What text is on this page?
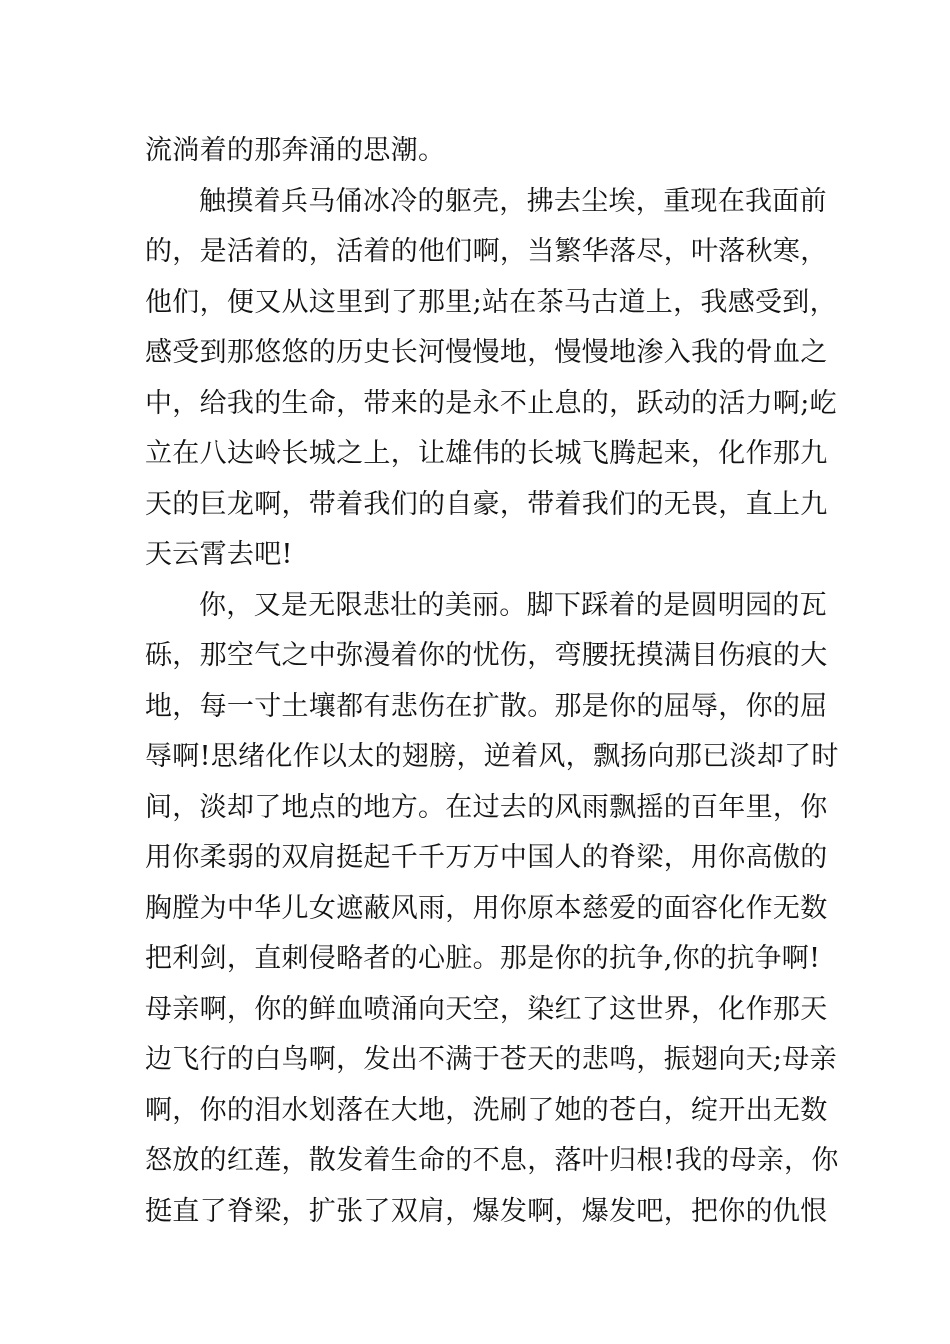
流淌着的那奔涌的思潮。
触摸着兵马俑冰冷的躯壳，拂去尘埃，重现在我面前
的，是活着的，活着的他们啊，当繁华落尽，叶落秋寒，
他们，便又从这里到了那里;站在茶马古道上，我感受到，
感受到那悠悠的历史长河慢慢地，慢慢地渗入我的骨血之
中，给我的生命，带来的是永不止息的，跃动的活力啊;屹
立在八达岭长城之上，让雄伟的长城飞腾起来，化作那九
天的巨龙啊，带着我们的自豪，带着我们的无畏，直上九
天云霄去吧!
你，又是无限悲壮的美丽。脚下踩着的是圆明园的瓦
砾，那空气之中弥漫着你的忧伤，弯腰抚摸满目伤痕的大
地，每一寸土壤都有悲伤在扩散。那是你的屈辱，你的屈
辱啊!思绪化作以太的翅膀，逆着风，飘扬向那已淡却了时
间，淡却了地点的地方。在过去的风雨飘摇的百年里，你
用你柔弱的双肩挺起千千万万中国人的脊梁，用你高傲的
胸膛为中华儿女遮蔽风雨，用你原本慈爱的面容化作无数
把利剑，直刺侵略者的心脏。那是你的抗争,你的抗争啊!
母亲啊，你的鲜血喷涌向天空，染红了这世界，化作那天
边飞行的白鸟啊，发出不满于苍天的悲鸣，振翅向天;母亲
啊，你的泪水划落在大地，洗刷了她的苍白，绽开出无数
怒放的红莲，散发着生命的不息，落叶归根!我的母亲，你
挺直了脊梁，扩张了双肩，爆发啊，爆发吧，把你的仇恨
